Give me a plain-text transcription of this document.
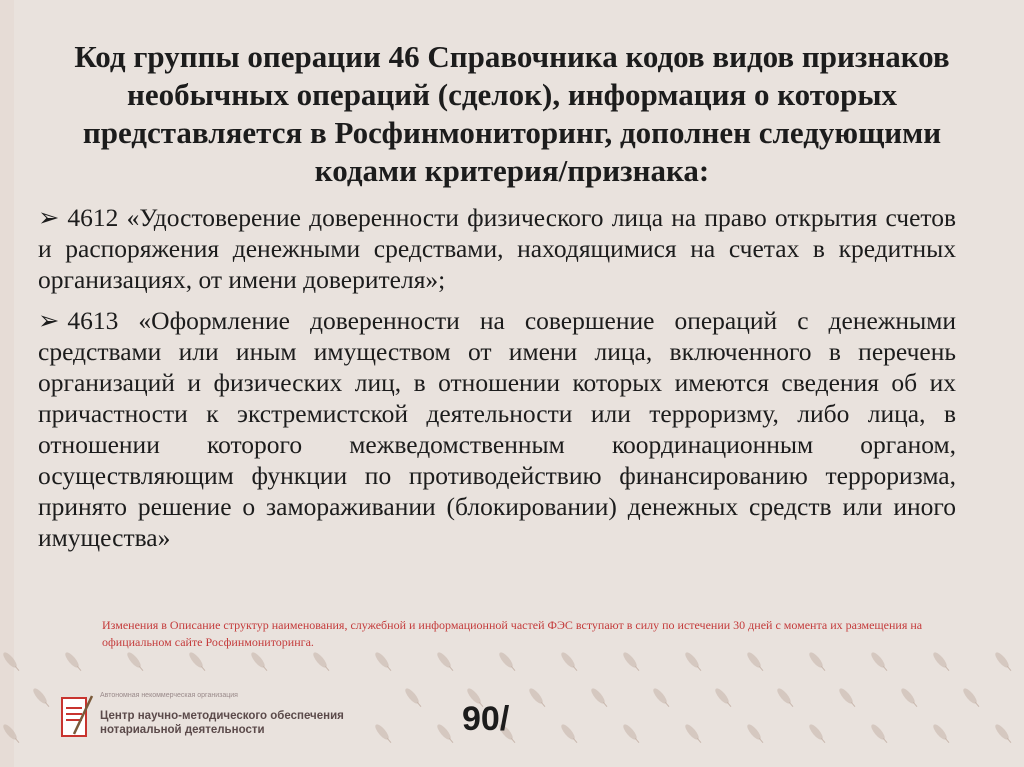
Код группы операции 46 Справочника кодов видов признаков необычных операций (сделок), информация о которых представляется в Росфинмониторинг, дополнен следующими кодами критерия/признака:

➢ 4612 «Удостоверение доверенности физического лица на право открытия счетов и распоряжения денежными средствами, находящимися на счетах в кредитных организациях, от имени доверителя»;

➢ 4613 «Оформление доверенности на совершение операций с денежными средствами или иным имуществом от имени лица, включенного в перечень организаций и физических лиц, в отношении которых имеются сведения об их причастности к экстремистской деятельности или терроризму, либо лица, в отношении которого межведомственным координационным органом, осуществляющим функции по противодействию финансированию терроризма, принято решение о замораживании (блокировании) денежных средств или иного имущества»

Изменения в Описание структур наименования, служебной и информационной частей ФЭС вступают в силу по истечении 30 дней с момента их размещения на официальном сайте Росфинмониторинга.
Автономная некоммерческая организация
Центр научно-методического обеспечения
нотариальной деятельности	90/
